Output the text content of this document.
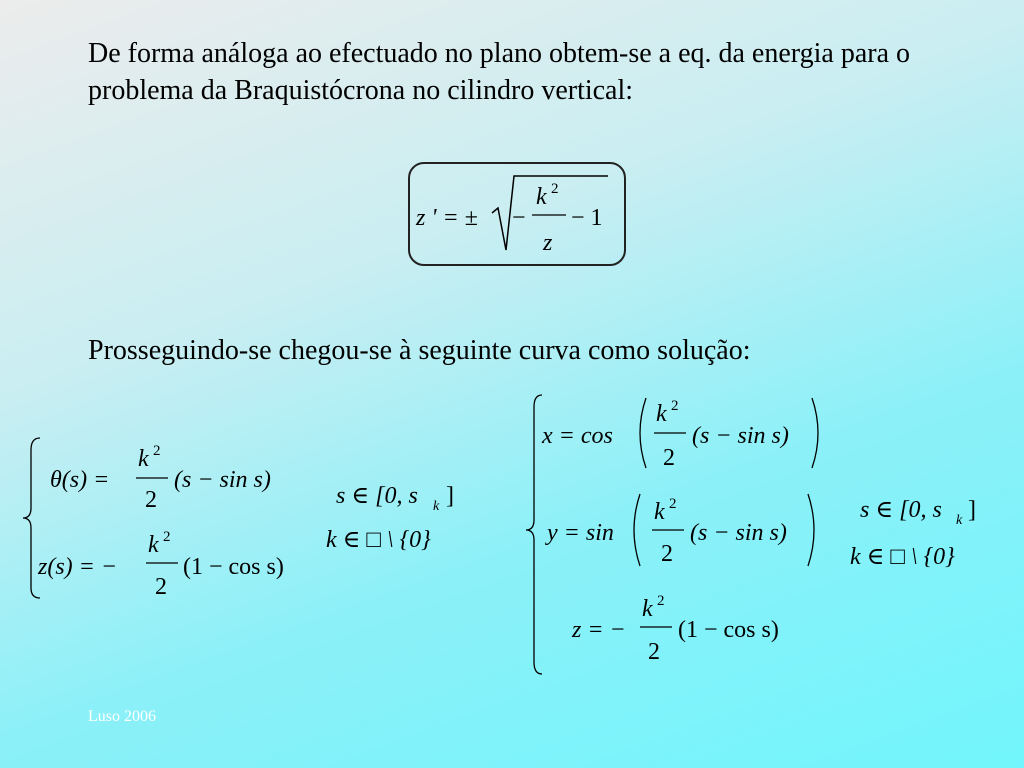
De forma análoga ao efectuado no plano obtem-se a eq. da energia para o problema da Braquistócrona no cilindro vertical:

z ' = ± −
k 2
z
− 1
θ(s) =
k 2
2
(s − sin s)
z(s) = −
k 2
2
(1 − cos s)
s ∈ [0, s k ]
k ∈ □ \ {0}
x = cos
k 2
2
(s − sin s)
y = sin
k 2
2
(s − sin s)
z = −
k 2
2
(1 − cos s)
s ∈ [0, s k ]
k ∈ □ \ {0}

Prosseguindo-se chegou-se à seguinte curva como solução:

Luso 2006
